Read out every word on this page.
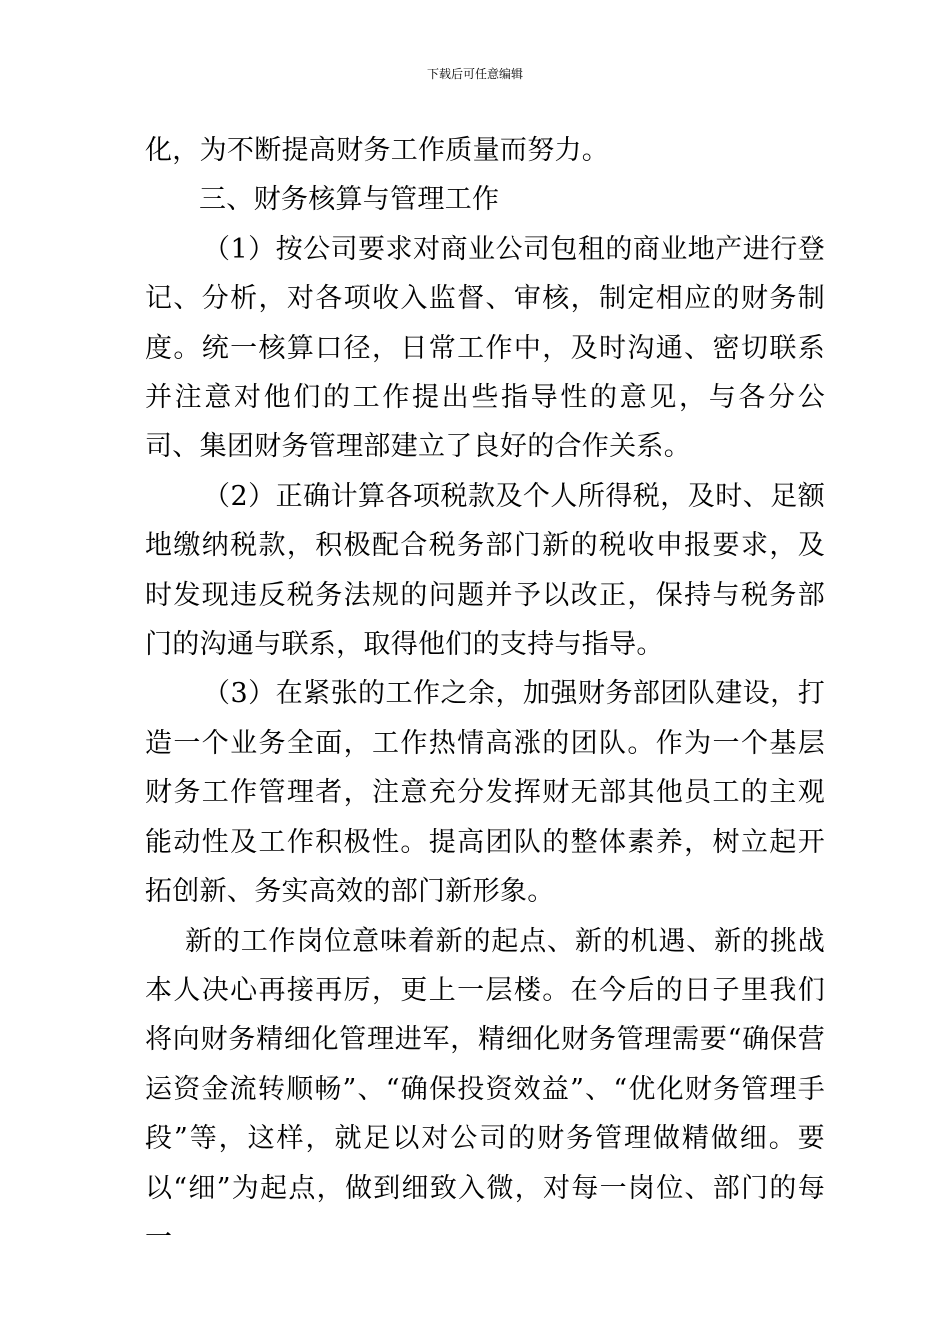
下载后可任意编辑

化，为不断提高财务工作质量而努力。

三、财务核算与管理工作

（1）按公司要求对商业公司包租的商业地产进行登记、分析，对各项收入监督、审核，制定相应的财务制度。统一核算口径，日常工作中，及时沟通、密切联系并注意对他们的工作提出些指导性的意见，与各分公司、集团财务管理部建立了良好的合作关系。

（2）正确计算各项税款及个人所得税，及时、足额地缴纳税款，积极配合税务部门新的税收申报要求，及时发现违反税务法规的问题并予以改正，保持与税务部门的沟通与联系，取得他们的支持与指导。

（3）在紧张的工作之余，加强财务部团队建设，打造一个业务全面，工作热情高涨的团队。作为一个基层财务工作管理者，注意充分发挥财无部其他员工的主观能动性及工作积极性。提高团队的整体素养，树立起开拓创新、务实高效的部门新形象。

新的工作岗位意味着新的起点、新的机遇、新的挑战本人决心再接再厉，更上一层楼。在今后的日子里我们将向财务精细化管理进军，精细化财务管理需要“确保营运资金流转顺畅”、“确保投资效益”、“优化财务管理手段”等，这样，就足以对公司的财务管理做精做细。要以“细”为起点，做到细致入微，对每一岗位、部门的每一
